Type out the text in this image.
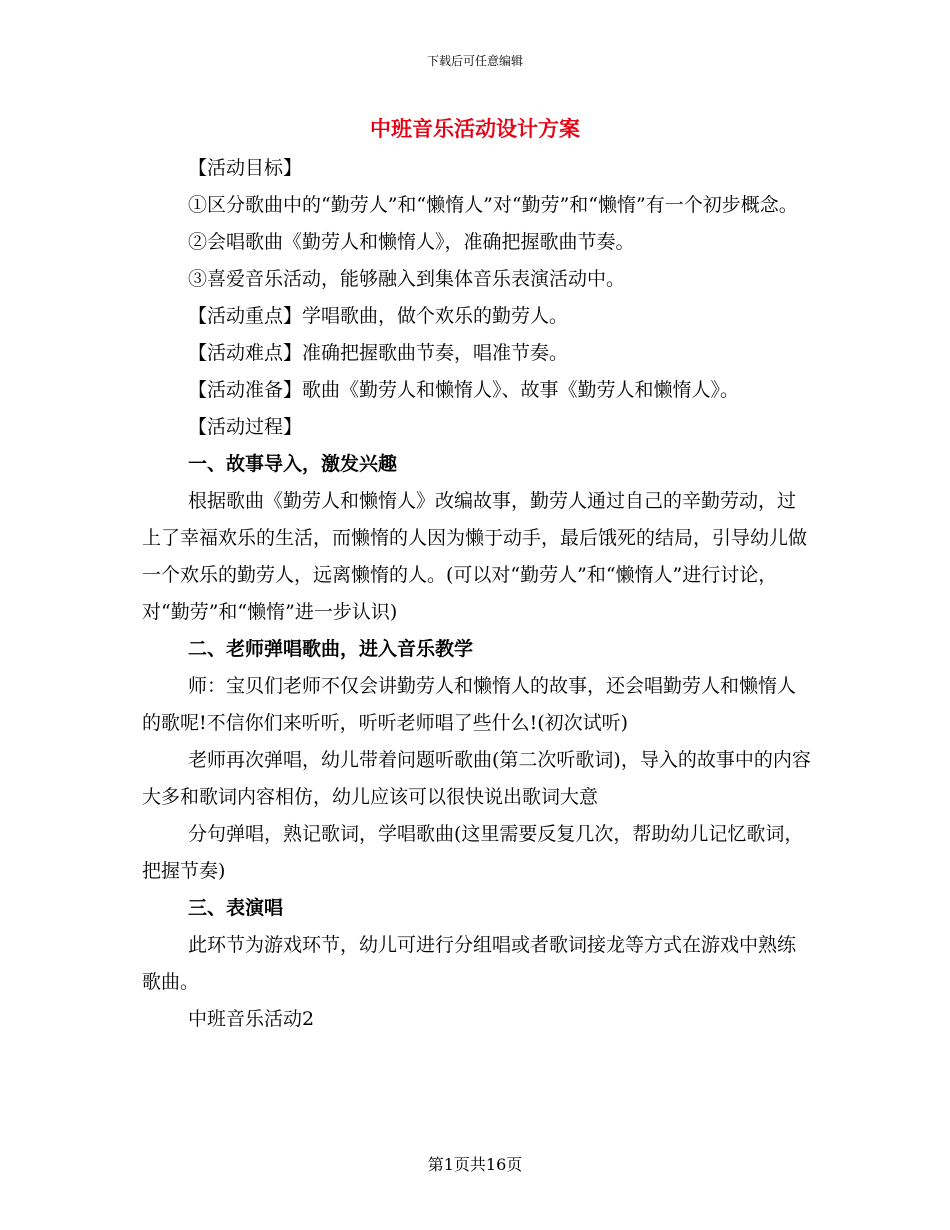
下载后可任意编辑
中班音乐活动设计方案

【活动目标】

①区分歌曲中的“勤劳人”和“懒惰人”对“勤劳”和“懒惰”有一个初步概念。

②会唱歌曲《勤劳人和懒惰人》，准确把握歌曲节奏。

③喜爱音乐活动，能够融入到集体音乐表演活动中。

【活动重点】学唱歌曲，做个欢乐的勤劳人。

【活动难点】准确把握歌曲节奏，唱准节奏。

【活动准备】歌曲《勤劳人和懒惰人》、故事《勤劳人和懒惰人》。

【活动过程】

一、故事导入，激发兴趣

根据歌曲《勤劳人和懒惰人》改编故事，勤劳人通过自己的辛勤劳动，过上了幸福欢乐的生活，而懒惰的人因为懒于动手，最后饿死的结局，引导幼儿做一个欢乐的勤劳人，远离懒惰的人。(可以对“勤劳人”和“懒惰人”进行讨论，对“勤劳”和“懒惰”进一步认识)

二、老师弹唱歌曲，进入音乐教学

师：宝贝们老师不仅会讲勤劳人和懒惰人的故事，还会唱勤劳人和懒惰人的歌呢!不信你们来听听，听听老师唱了些什么!(初次试听)

老师再次弹唱，幼儿带着问题听歌曲(第二次听歌词)，导入的故事中的内容大多和歌词内容相仿，幼儿应该可以很快说出歌词大意

分句弹唱，熟记歌词，学唱歌曲(这里需要反复几次，帮助幼儿记忆歌词，把握节奏)

三、表演唱

此环节为游戏环节，幼儿可进行分组唱或者歌词接龙等方式在游戏中熟练歌曲。

中班音乐活动2

第1页共16页
